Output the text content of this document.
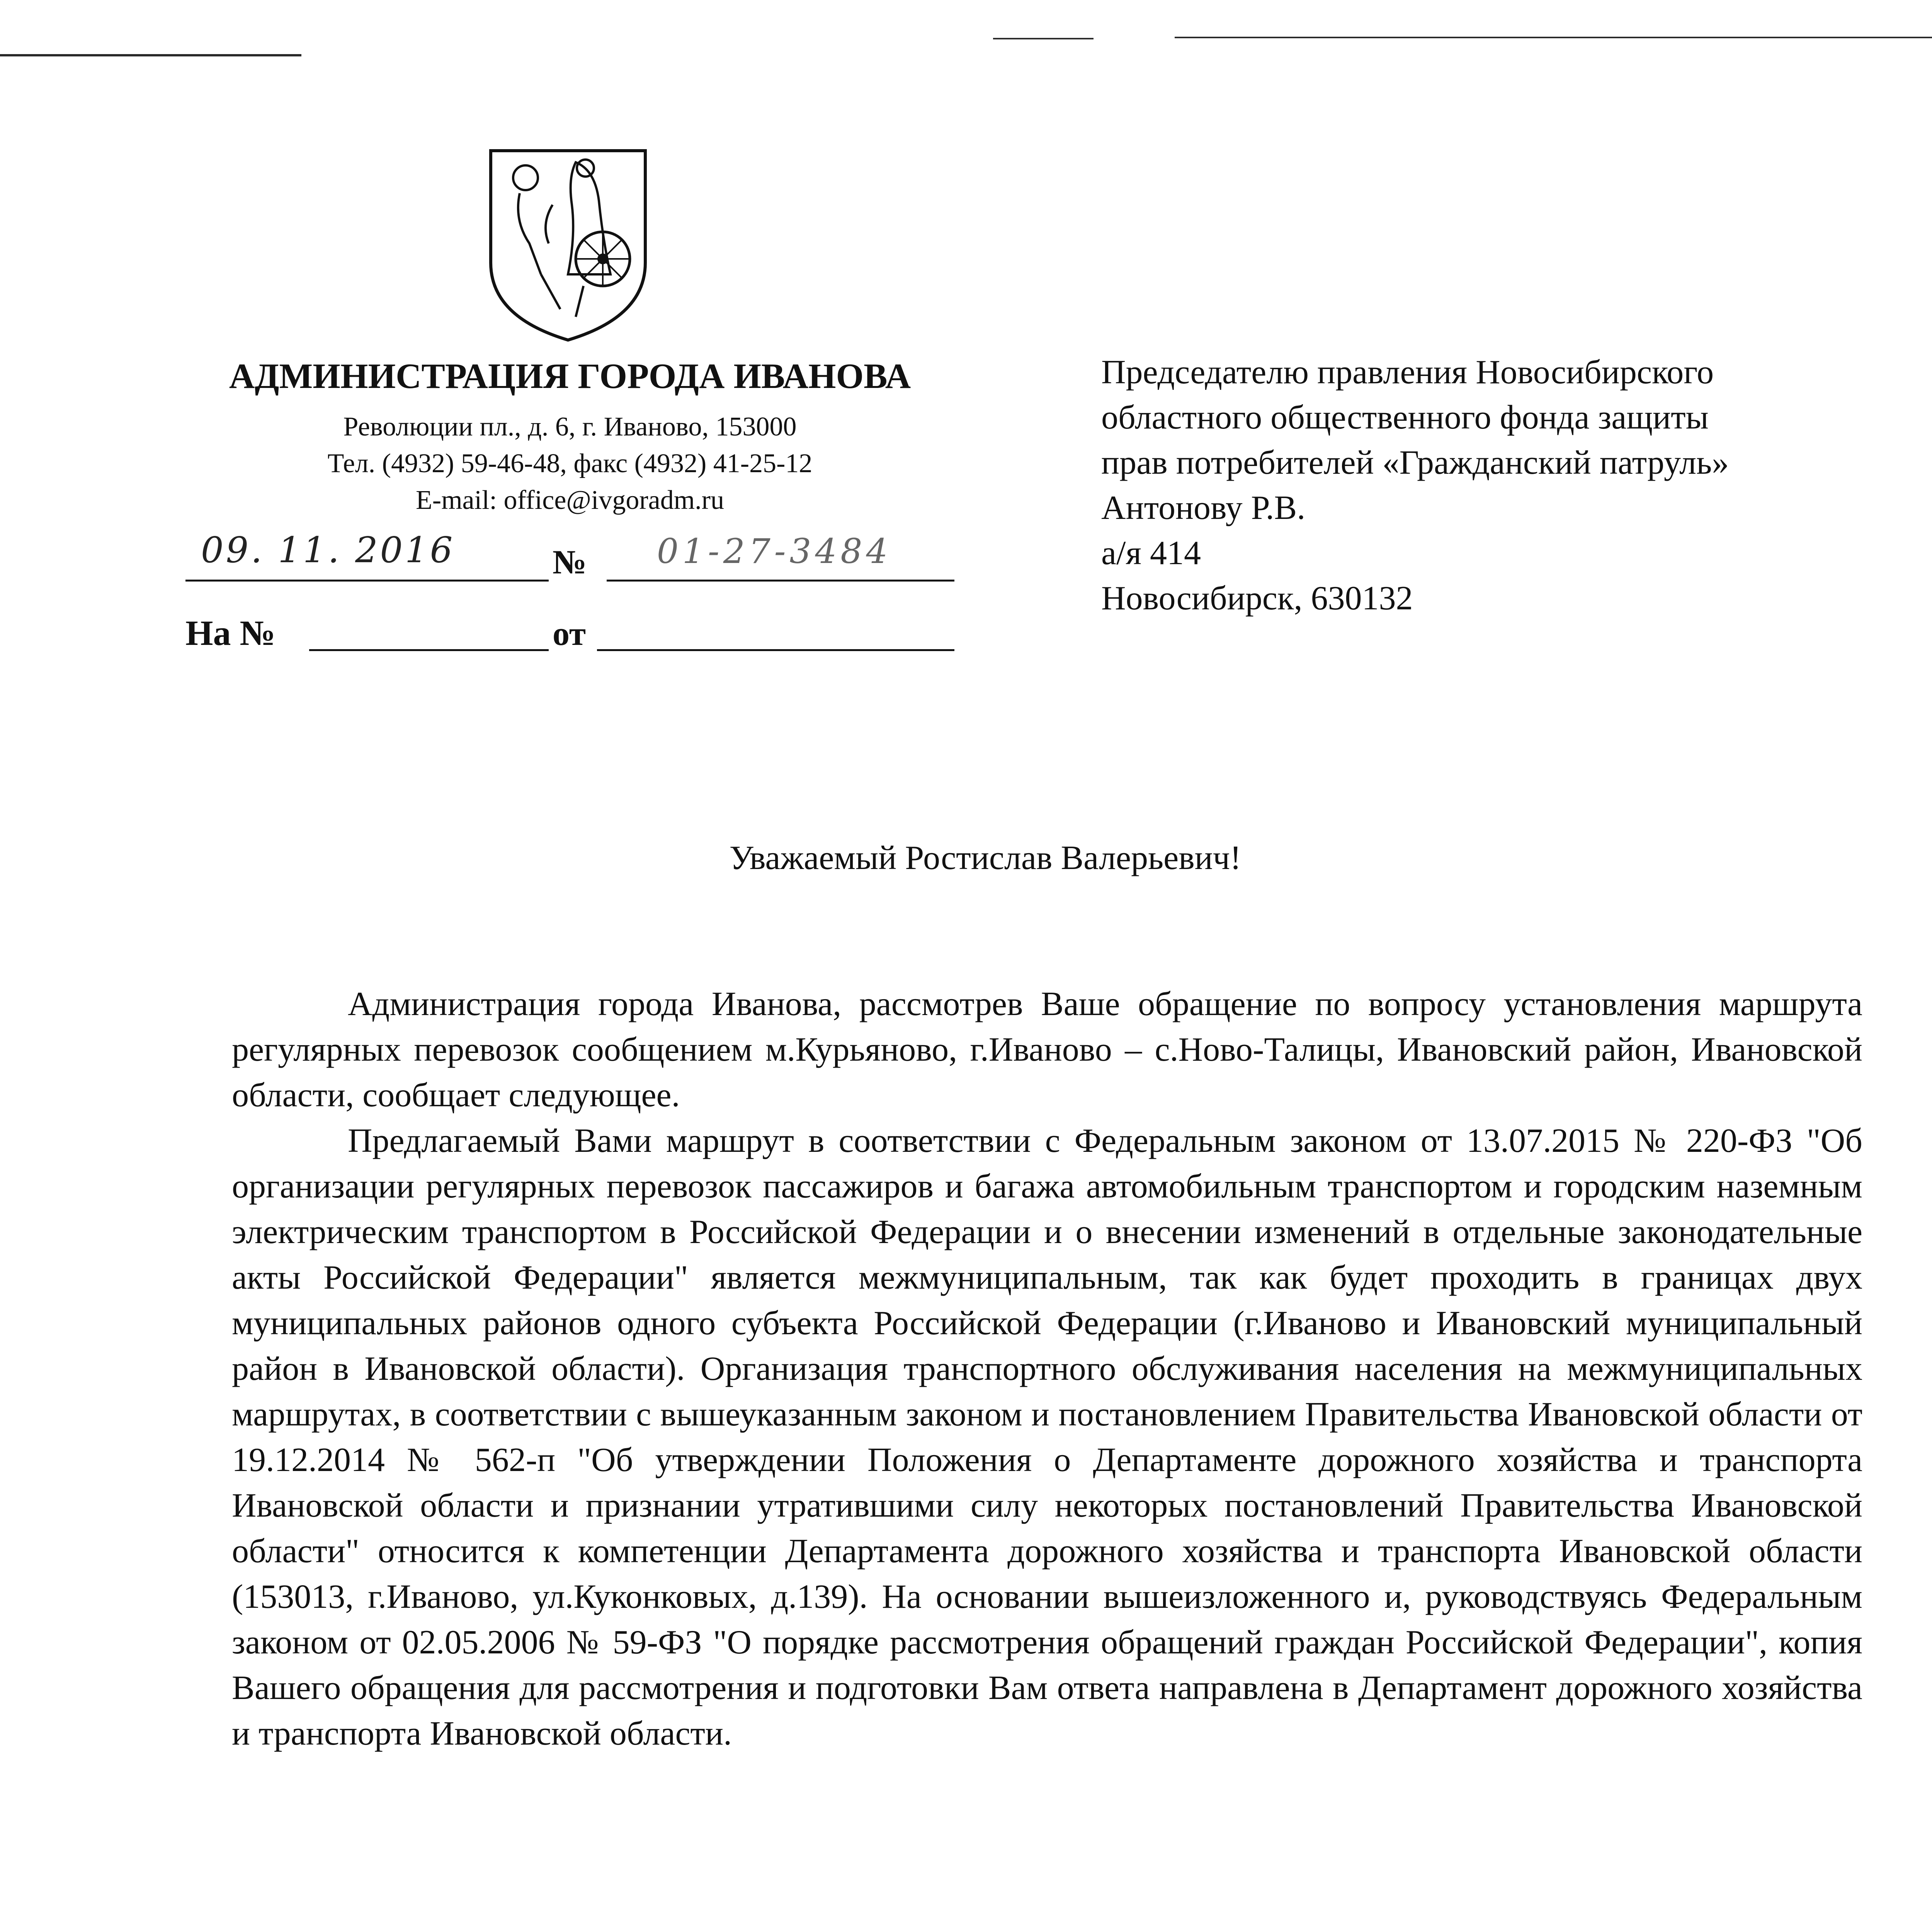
АДМИНИСТРАЦИЯ ГОРОДА ИВАНОВА
Революции пл., д. 6, г. Иваново, 153000
Тел. (4932) 59-46-48, факс (4932) 41-25-12
E-mail: office@ivgoradm.ru
09. 11. 2016	№ 01-27-3484
На №	от
Председателю правления Новосибирского
областного общественного фонда защиты
прав потребителей «Гражданский патруль»
Антонову Р.В.
а/я 414
Новосибирск, 630132
Уважаемый Ростислав Валерьевич!

Администрация города Иванова, рассмотрев Ваше обращение по вопросу установления маршрута регулярных перевозок сообщением м.Курьяново, г.Иваново – с.Ново-Талицы, Ивановский район, Ивановской области, сообщает следующее.

Предлагаемый Вами маршрут в соответствии с Федеральным законом от 13.07.2015 № 220-ФЗ "Об организации регулярных перевозок пассажиров и багажа автомобильным транспортом и городским наземным электрическим транспортом в Российской Федерации и о внесении изменений в отдельные законодательные акты Российской Федерации" является межмуниципальным, так как будет проходить в границах двух муниципальных районов одного субъекта Российской Федерации (г.Иваново и Ивановский муниципальный район в Ивановской области). Организация транспортного обслуживания населения на межмуниципальных маршрутах, в соответствии с вышеуказанным законом и постановлением Правительства Ивановской области от 19.12.2014 № 562-п "Об утверждении Положения о Департаменте дорожного хозяйства и транспорта Ивановской области и признании утратившими силу некоторых постановлений Правительства Ивановской области" относится к компетенции Департамента дорожного хозяйства и транспорта Ивановской области (153013, г.Иваново, ул.Куконковых, д.139). На основании вышеизложенного и, руководствуясь Федеральным законом от 02.05.2006 № 59-ФЗ "О порядке рассмотрения обращений граждан Российской Федерации", копия Вашего обращения для рассмотрения и подготовки Вам ответа направлена в Департамент дорожного хозяйства и транспорта Ивановской области.
